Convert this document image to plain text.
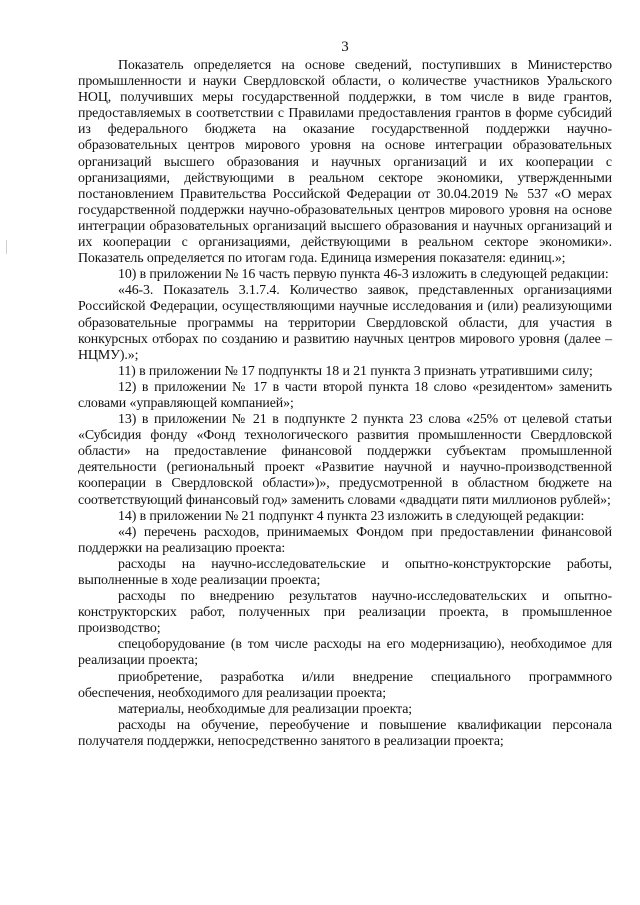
3

Показатель определяется на основе сведений, поступивших в Министерство промышленности и науки Свердловской области, о количестве участников Уральского НОЦ, получивших меры государственной поддержки, в том числе в виде грантов, предоставляемых в соответствии с Правилами предоставления грантов в форме субсидий из федерального бюджета на оказание государственной поддержки научно-образовательных центров мирового уровня на основе интеграции образовательных организаций высшего образования и научных организаций и их кооперации с организациями, действующими в реальном секторе экономики, утвержденными постановлением Правительства Российской Федерации от 30.04.2019 № 537 «О мерах государственной поддержки научно-образовательных центров мирового уровня на основе интеграции образовательных организаций высшего образования и научных организаций и их кооперации с организациями, действующими в реальном секторе экономики». Показатель определяется по итогам года. Единица измерения показателя: единиц.»;

10) в приложении № 16 часть первую пункта 46-3 изложить в следующей редакции:

«46-3. Показатель 3.1.7.4. Количество заявок, представленных организациями Российской Федерации, осуществляющими научные исследования и (или) реализующими образовательные программы на территории Свердловской области, для участия в конкурсных отборах по созданию и развитию научных центров мирового уровня (далее – НЦМУ).»;

11) в приложении № 17 подпункты 18 и 21 пункта 3 признать утратившими силу;

12) в приложении № 17 в части второй пункта 18 слово «резидентом» заменить словами «управляющей компанией»;

13) в приложении № 21 в подпункте 2 пункта 23 слова «25% от целевой статьи «Субсидия фонду «Фонд технологического развития промышленности Свердловской области» на предоставление финансовой поддержки субъектам промышленной деятельности (региональный проект «Развитие научной и научно-производственной кооперации в Свердловской области»)», предусмотренной в областном бюджете на соответствующий финансовый год» заменить словами «двадцати пяти миллионов рублей»;

14) в приложении № 21 подпункт 4 пункта 23 изложить в следующей редакции:

«4) перечень расходов, принимаемых Фондом при предоставлении финансовой поддержки на реализацию проекта:

расходы на научно-исследовательские и опытно-конструкторские работы, выполненные в ходе реализации проекта;

расходы по внедрению результатов научно-исследовательских и опытно-конструкторских работ, полученных при реализации проекта, в промышленное производство;

спецоборудование (в том числе расходы на его модернизацию), необходимое для реализации проекта;

приобретение, разработка и/или внедрение специального программного обеспечения, необходимого для реализации проекта;

материалы, необходимые для реализации проекта;

расходы на обучение, переобучение и повышение квалификации персонала получателя поддержки, непосредственно занятого в реализации проекта;
